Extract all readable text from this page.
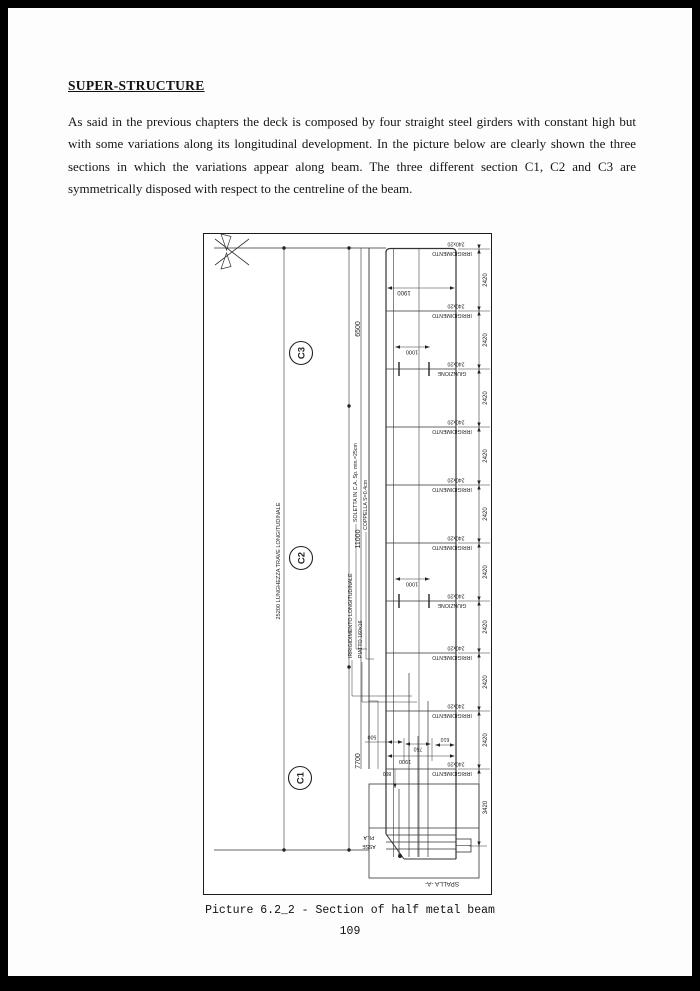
SUPER-STRUCTURE
As said in the previous chapters the deck is composed by four straight steel girders with constant high but with some variations along its longitudinal development. In the picture below are clearly shown the three sections in which the variations appear along beam. The three different section C1, C2 and C3 are symmetrically disposed with respect to the centreline of the beam.
25200 LUNGHEZZA TRAVE LONGITUDINALE
6500
11000
7700
C3
C2
C1
1900
1000
1000
SOLETTA IN C.A. Sp. min.=25cm COPPELLA S=0.4cm
IRRIGIDIMENTO LONGITUDINALE PIATTO 160x16
500
750
610
1900
800
PILA
ASSE
SPALLA -A-
240x20
IRRIGIDIMENTO
240x20
IRRIGIDIMENTO
2420
240x20
GIUNZIONE
2420
240x20
IRRIGIDIMENTO
2420
240x20
IRRIGIDIMENTO
2420
240x20
IRRIGIDIMENTO
2420
240x20
GIUNZIONE
2420
240x20
IRRIGIDIMENTO
2420
240x20
IRRIGIDIMENTO
2420
240x20
IRRIGIDIMENTO
2420
3420
Picture 6.2_2 - Section of half metal beam
109
